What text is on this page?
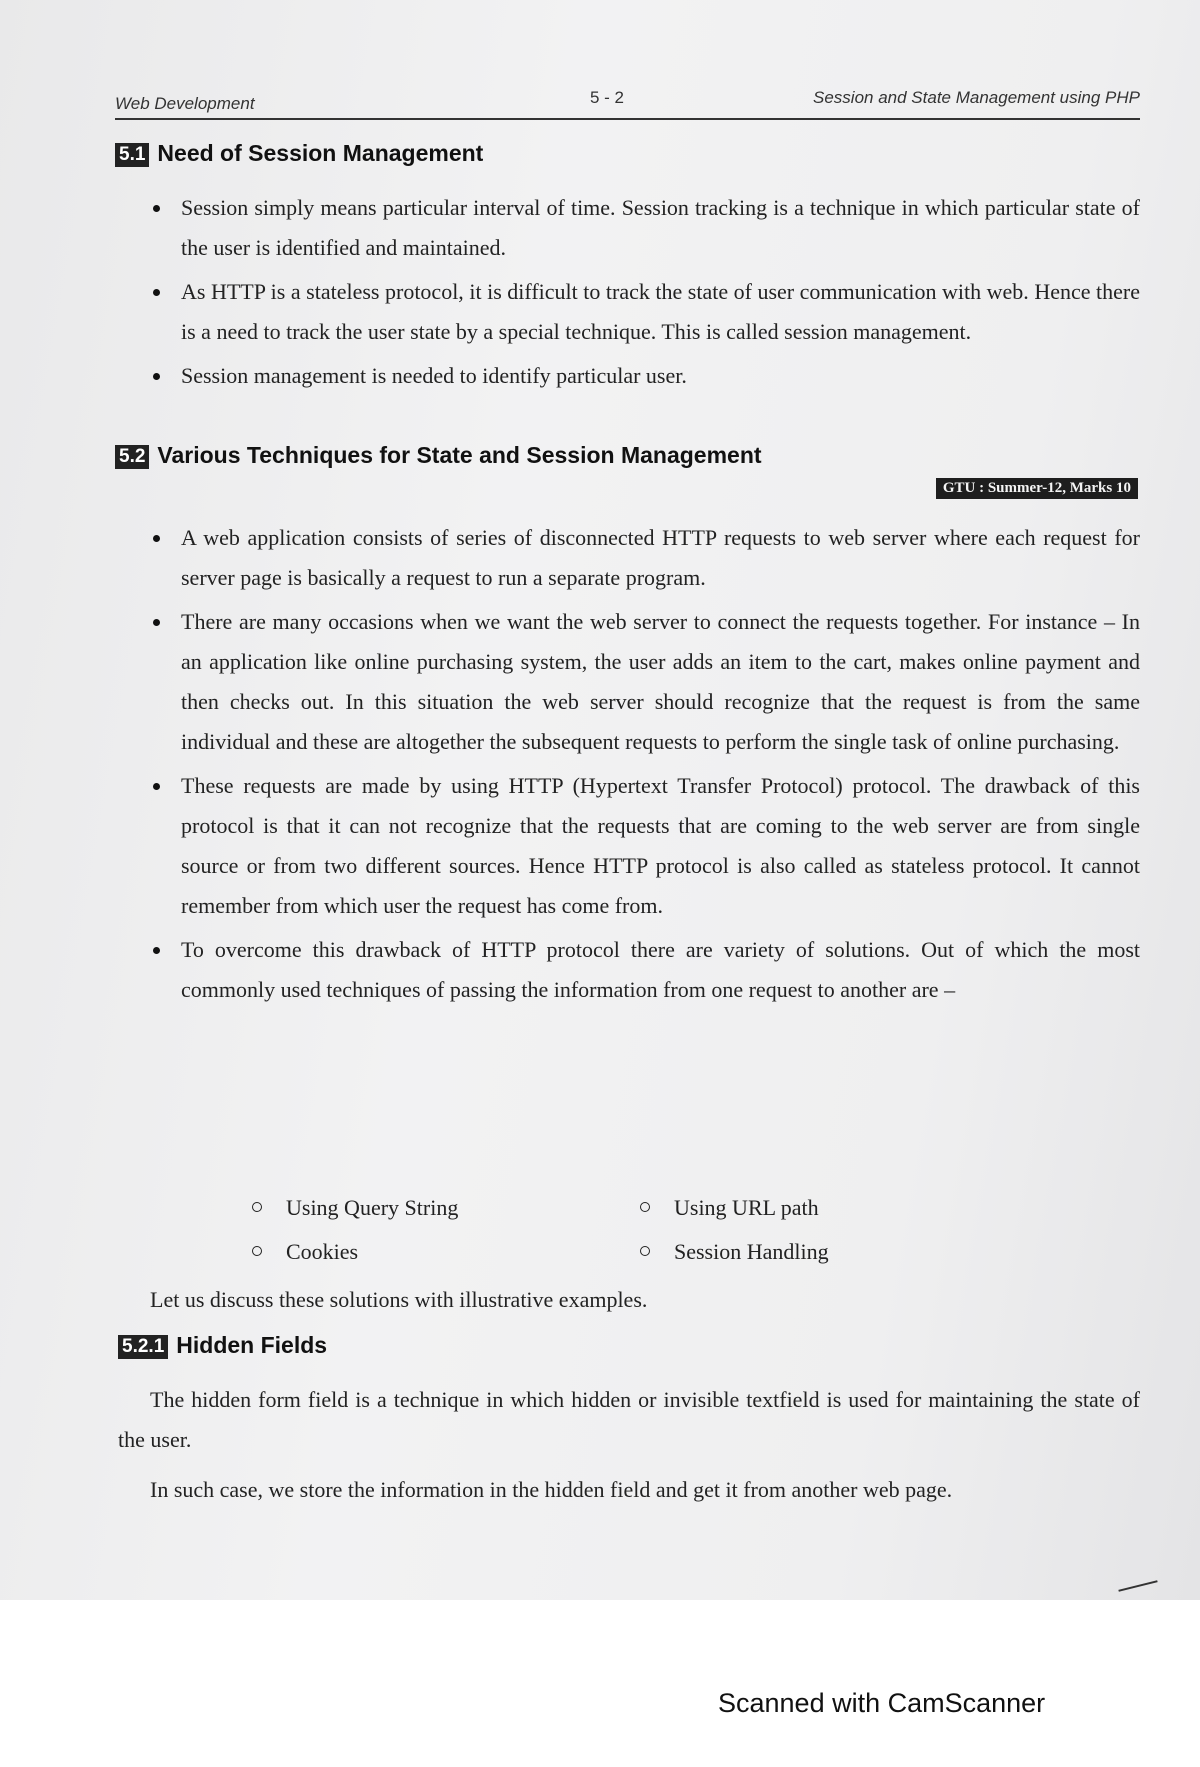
Web Development	5 - 2	Session and State Management using PHP
5.1 Need of Session Management
Session simply means particular interval of time. Session tracking is a technique in which particular state of the user is identified and maintained.
As HTTP is a stateless protocol, it is difficult to track the state of user communication with web. Hence there is a need to track the user state by a special technique. This is called session management.
Session management is needed to identify particular user.
5.2 Various Techniques for State and Session Management
GTU : Summer-12, Marks 10
A web application consists of series of disconnected HTTP requests to web server where each request for server page is basically a request to run a separate program.
There are many occasions when we want the web server to connect the requests together. For instance – In an application like online purchasing system, the user adds an item to the cart, makes online payment and then checks out. In this situation the web server should recognize that the request is from the same individual and these are altogether the subsequent requests to perform the single task of online purchasing.
These requests are made by using HTTP (Hypertext Transfer Protocol) protocol. The drawback of this protocol is that it can not recognize that the requests that are coming to the web server are from single source or from two different sources. Hence HTTP protocol is also called as stateless protocol. It cannot remember from which user the request has come from.
To overcome this drawback of HTTP protocol there are variety of solutions. Out of which the most commonly used techniques of passing the information from one request to another are –
Using Query String	Using URL path
Cookies	Session Handling
Let us discuss these solutions with illustrative examples.
5.2.1 Hidden Fields
The hidden form field is a technique in which hidden or invisible textfield is used for maintaining the state of the user.
In such case, we store the information in the hidden field and get it from another web page.
Scanned with CamScanner
